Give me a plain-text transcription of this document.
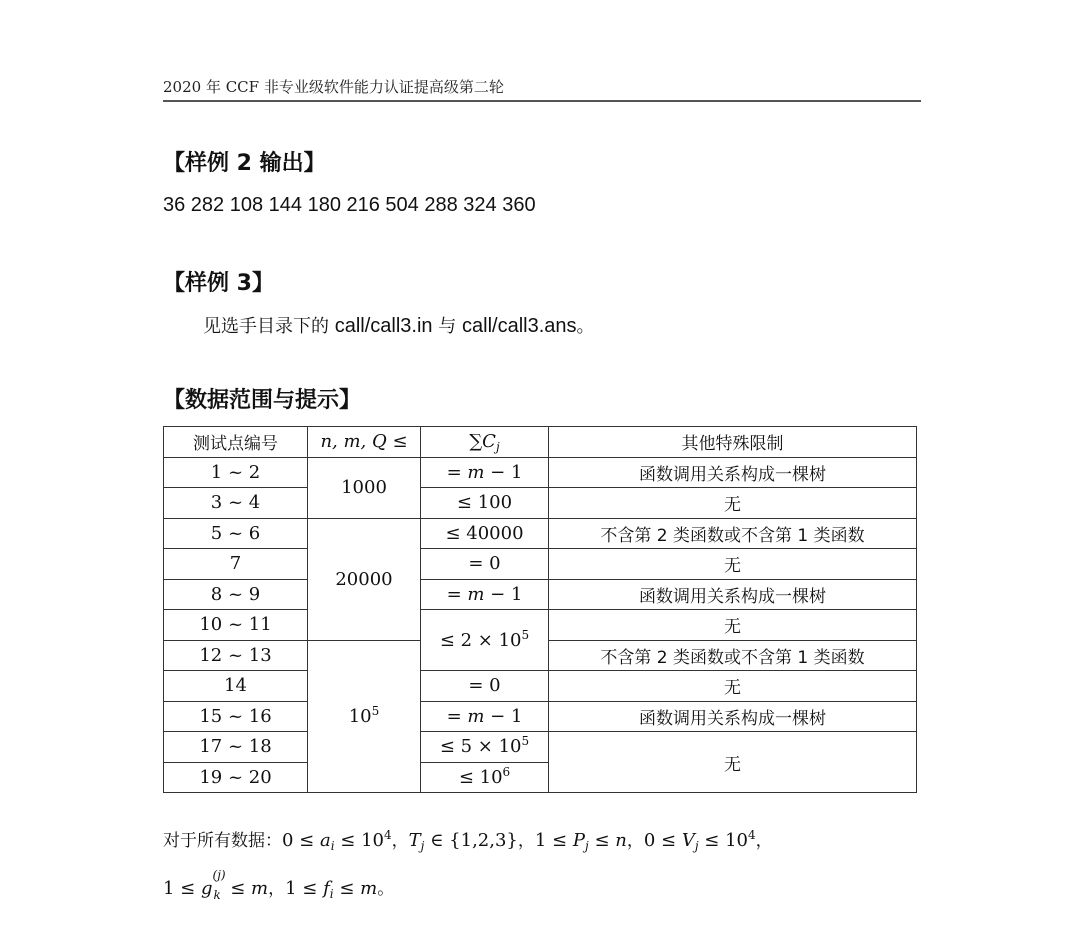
2020 年 CCF 非专业级软件能力认证提高级第二轮
【样例 2 输出】
36 282 108 144 180 216 504 288 324 360
【样例 3】
见选手目录下的 call/call3.in 与 call/call3.ans。
【数据范围与提示】
测试点编号	n, m, Q ≤	$\sum C_j$	其他特殊限制
1 ~ 2	1000	= m − 1	函数调用关系构成一棵树
3 ~ 4		≤ 100	无
5 ~ 6	20000	≤ 40000	不含第 2 类函数或不含第 1 类函数
7		= 0	无
8 ~ 9		= m − 1	函数调用关系构成一棵树
10 ~ 11		≤ $2 \times 10^5$	无
12 ~ 13	$10^5$		不含第 2 类函数或不含第 1 类函数
14		= 0	无
15 ~ 16		= m − 1	函数调用关系构成一棵树
17 ~ 18		≤ $5 \times 10^5$	无
19 ~ 20		≤ $10^6$
对于所有数据：$0 \le a_i \le 10^4$，$T_j$ ∈ {1,2,3}，$1 \le P_j \le n$，$0 \le V_j \le 10^4$，
1 ≤ g
(j)
k ≤ m，$1 \le f_i \le m$。
